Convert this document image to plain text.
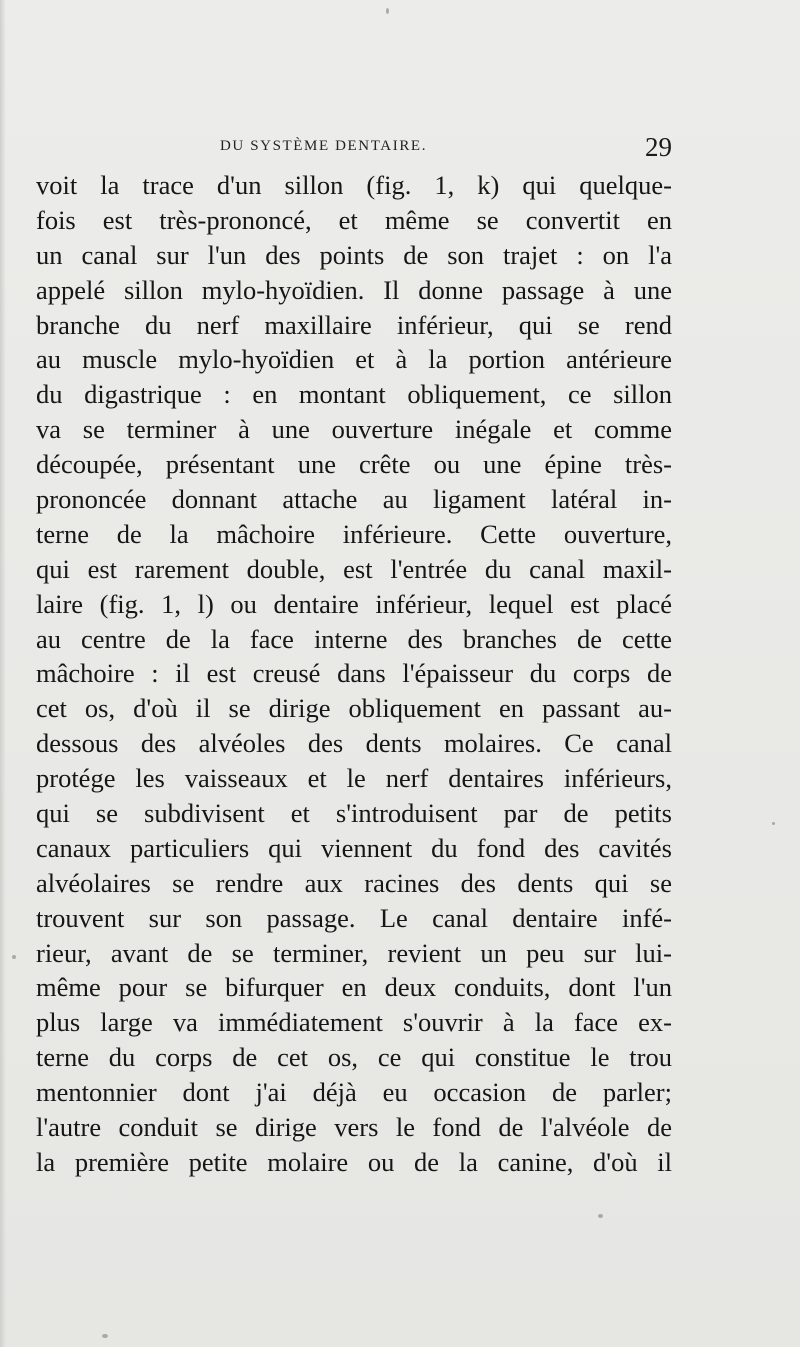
DU SYSTÈME DENTAIRE.	29
voit la trace d'un sillon (fig. 1, k) qui quelque-
fois est très-prononcé, et même se convertit en
un canal sur l'un des points de son trajet : on l'a
appelé sillon mylo-hyoïdien. Il donne passage à une
branche du nerf maxillaire inférieur, qui se rend
au muscle mylo-hyoïdien et à la portion antérieure
du digastrique : en montant obliquement, ce sillon
va se terminer à une ouverture inégale et comme
découpée, présentant une crête ou une épine très-
prononcée donnant attache au ligament latéral in-
terne de la mâchoire inférieure. Cette ouverture,
qui est rarement double, est l'entrée du canal maxil-
laire (fig. 1, l) ou dentaire inférieur, lequel est placé
au centre de la face interne des branches de cette
mâchoire : il est creusé dans l'épaisseur du corps de
cet os, d'où il se dirige obliquement en passant au-
dessous des alvéoles des dents molaires. Ce canal
protége les vaisseaux et le nerf dentaires inférieurs,
qui se subdivisent et s'introduisent par de petits
canaux particuliers qui viennent du fond des cavités
alvéolaires se rendre aux racines des dents qui se
trouvent sur son passage. Le canal dentaire infé-
rieur, avant de se terminer, revient un peu sur lui-
même pour se bifurquer en deux conduits, dont l'un
plus large va immédiatement s'ouvrir à la face ex-
terne du corps de cet os, ce qui constitue le trou
mentonnier dont j'ai déjà eu occasion de parler;
l'autre conduit se dirige vers le fond de l'alvéole de
la première petite molaire ou de la canine, d'où il
